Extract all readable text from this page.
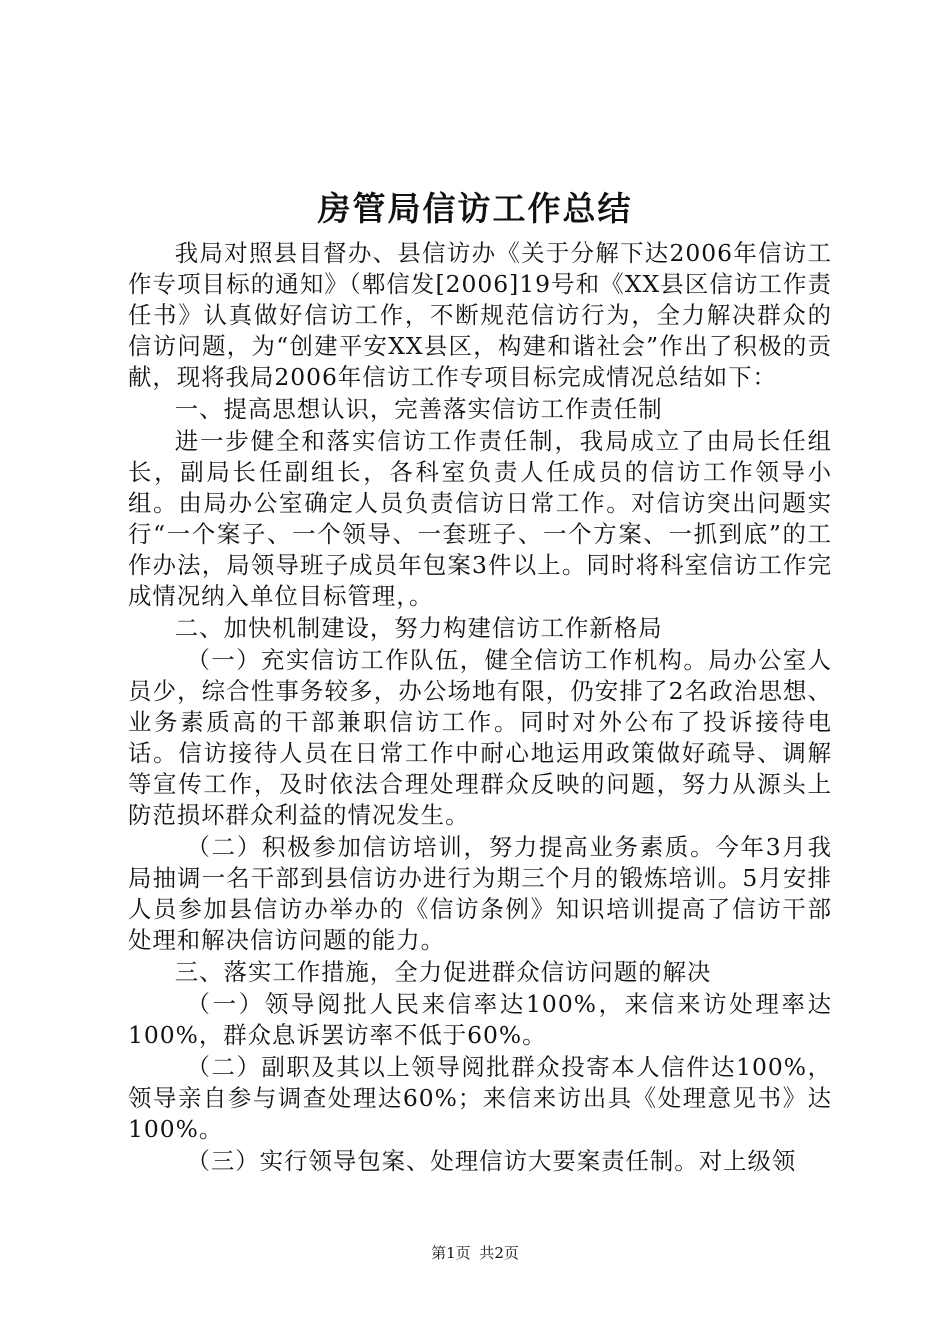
房管局信访工作总结

我局对照县目督办、县信访办《关于分解下达2006年信访工作专项目标的通知》（郫信发[2006]19号和《XX县区信访工作责任书》认真做好信访工作，不断规范信访行为，全力解决群众的信访问题，为“创建平安XX县区，构建和谐社会”作出了积极的贡献，现将我局2006年信访工作专项目标完成情况总结如下：

一、提高思想认识，完善落实信访工作责任制

进一步健全和落实信访工作责任制，我局成立了由局长任组长，副局长任副组长，各科室负责人任成员的信访工作领导小组。由局办公室确定人员负责信访日常工作。对信访突出问题实行“一个案子、一个领导、一套班子、一个方案、一抓到底”的工作办法，局领导班子成员年包案3件以上。同时将科室信访工作完成情况纳入单位目标管理，。

二、加快机制建设，努力构建信访工作新格局

（一）充实信访工作队伍，健全信访工作机构。局办公室人员少，综合性事务较多，办公场地有限，仍安排了2名政治思想、业务素质高的干部兼职信访工作。同时对外公布了投诉接待电话。信访接待人员在日常工作中耐心地运用政策做好疏导、调解等宣传工作，及时依法合理处理群众反映的问题，努力从源头上防范损坏群众利益的情况发生。

（二）积极参加信访培训，努力提高业务素质。今年3月我局抽调一名干部到县信访办进行为期三个月的锻炼培训。5月安排人员参加县信访办举办的《信访条例》知识培训提高了信访干部处理和解决信访问题的能力。

三、落实工作措施，全力促进群众信访问题的解决

（一）领导阅批人民来信率达100%，来信来访处理率达100%，群众息诉罢访率不低于60%。

（二）副职及其以上领导阅批群众投寄本人信件达100%，领导亲自参与调查处理达60%；来信来访出具《处理意见书》达100%。

（三）实行领导包案、处理信访大要案责任制。对上级领

第1页 共2页
